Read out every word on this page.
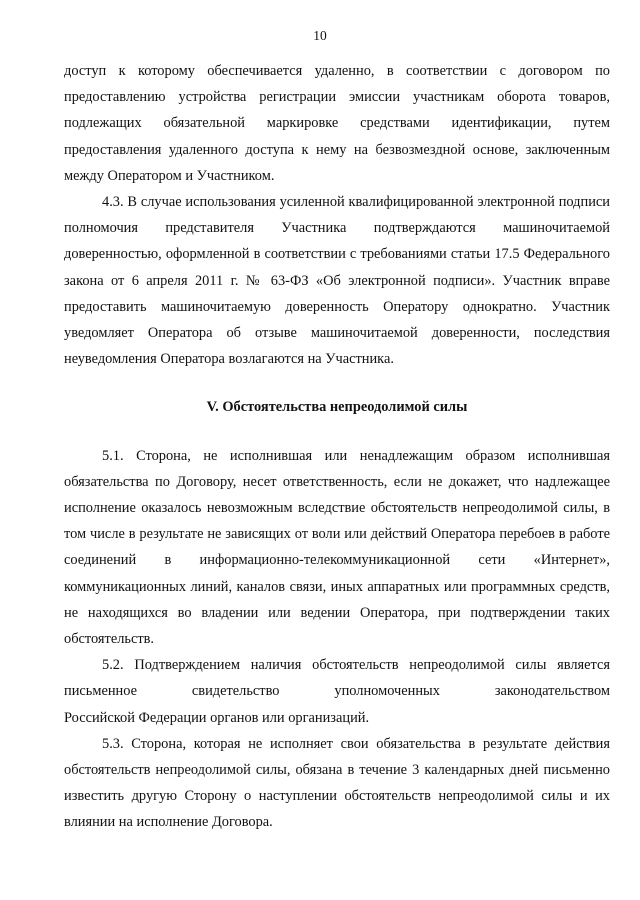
10

доступ к которому обеспечивается удаленно, в соответствии с договором по предоставлению устройства регистрации эмиссии участникам оборота товаров, подлежащих обязательной маркировке средствами идентификации, путем предоставления удаленного доступа к нему на безвозмездной основе, заключенным между Оператором и Участником.

4.3. В случае использования усиленной квалифицированной электронной подписи полномочия представителя Участника подтверждаются машиночитаемой доверенностью, оформленной в соответствии с требованиями статьи 17.5 Федерального закона от 6 апреля 2011 г. № 63-ФЗ «Об электронной подписи». Участник вправе предоставить машиночитаемую доверенность Оператору однократно. Участник уведомляет Оператора об отзыве машиночитаемой доверенности, последствия неуведомления Оператора возлагаются на Участника.

V. Обстоятельства непреодолимой силы

5.1. Сторона, не исполнившая или ненадлежащим образом исполнившая обязательства по Договору, несет ответственность, если не докажет, что надлежащее исполнение оказалось невозможным вследствие обстоятельств непреодолимой силы, в том числе в результате не зависящих от воли или действий Оператора перебоев в работе соединений в информационно-телекоммуникационной сети «Интернет», коммуникационных линий, каналов связи, иных аппаратных или программных средств, не находящихся во владении или ведении Оператора, при подтверждении таких обстоятельств.

5.2. Подтверждением наличия обстоятельств непреодолимой силы является

письменное свидетельство уполномоченных законодательством

Российской Федерации органов или организаций.

5.3. Сторона, которая не исполняет свои обязательства в результате действия обстоятельств непреодолимой силы, обязана в течение 3 календарных дней письменно известить другую Сторону о наступлении обстоятельств непреодолимой силы и их влиянии на исполнение Договора.
